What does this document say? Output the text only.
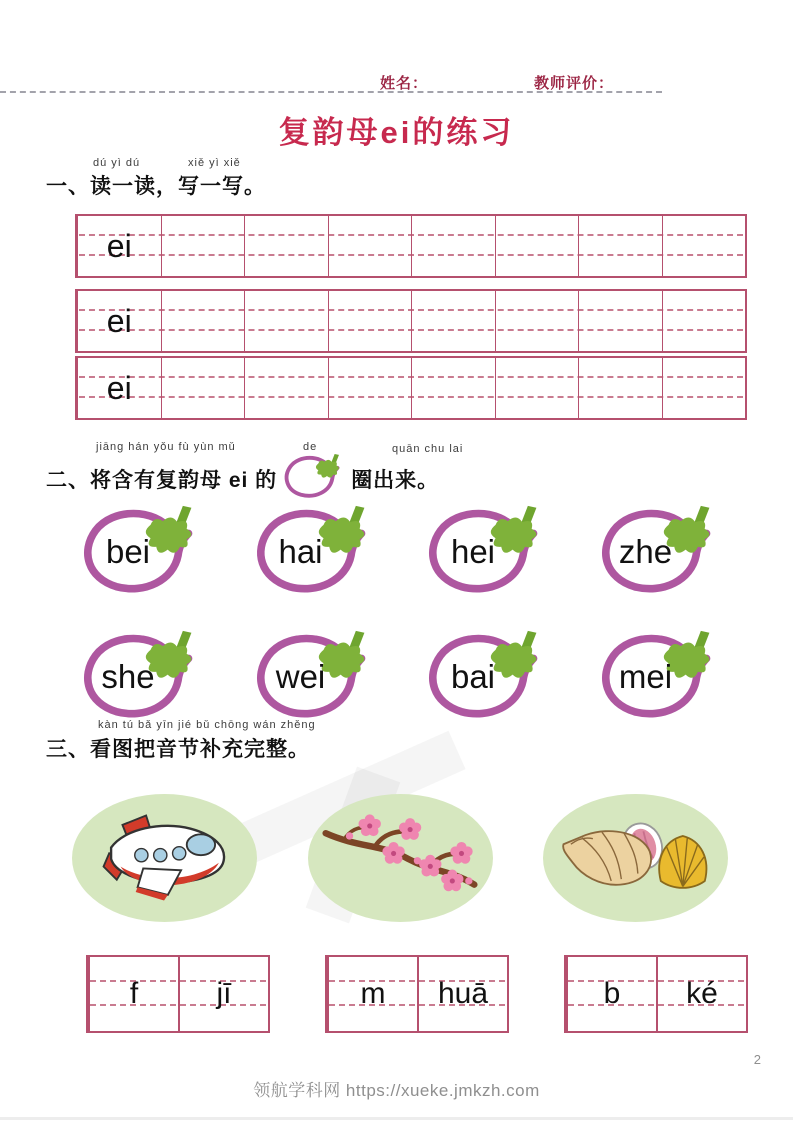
姓名：	教师评价：
复韵母ei的练习
dú yì dú	xiě yì xiě
一、读一读，写一写。
ei
ei
ei
jiāng hán yǒu fù yùn mǔ	de	quān chu lai
二、将含有复韵母 ei 的	圈出来。
bei	hai	hei	zhe
she	wei	bai	mei
kàn tú bǎ yīn jié bǔ chōng wán zhěng
三、看图把音节补充完整。
f	jī	m	huā	b	ké
领航学科网 https://xueke.jmkzh.com
2
